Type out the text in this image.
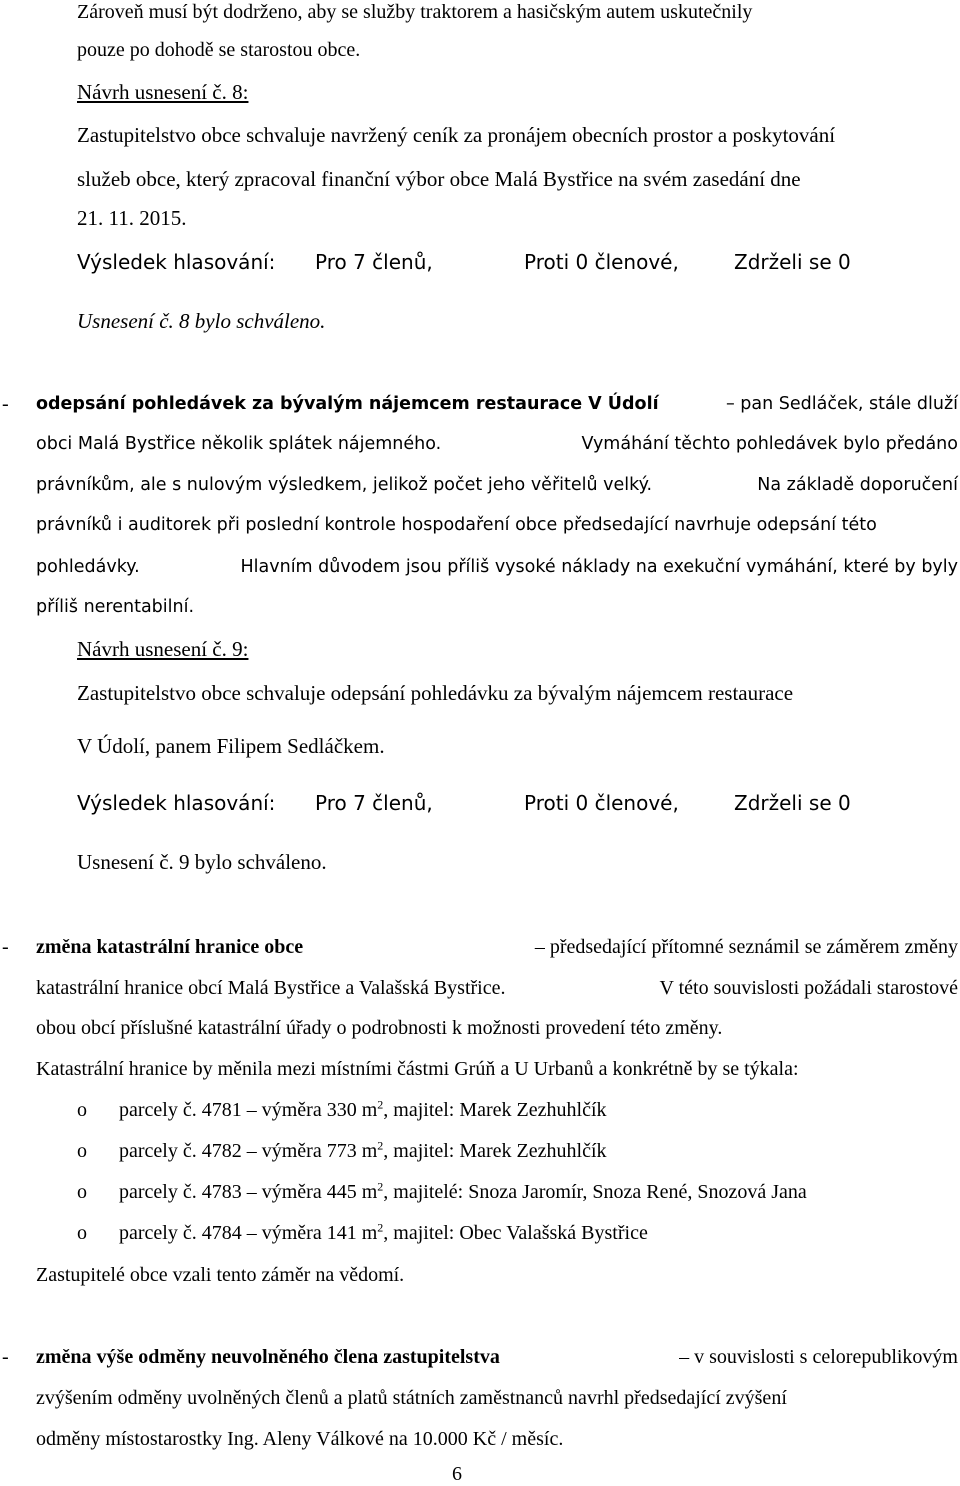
Zároveň musí být dodrženo, aby se služby traktorem a hasičským autem uskutečnily
pouze po dohodě se starostou obce.
Návrh usnesení č. 8:
Zastupitelstvo obce schvaluje navržený ceník za pronájem obecních prostor a poskytování
služeb obce, který zpracoval finanční výbor obce Malá Bystřice na svém zasedání dne
21. 11. 2015.
Výsledek hlasování:	Pro 7 členů,	Proti 0 členové,	Zdrželi se 0
Usnesení č. 8 bylo schváleno.
- odepsání pohledávek za bývalým nájemcem restaurace V Údolí	– pan Sedláček, stále dluží
obci Malá Bystřice několik splátek nájemného.	Vymáhání těchto pohledávek bylo předáno
právníkům, ale s nulovým výsledkem, jelikož počet jeho věřitelů velký.	Na základě doporučení
právníků i auditorek při poslední kontrole hospodaření obce předsedající navrhuje odepsání této
pohledávky.	Hlavním důvodem jsou příliš vysoké náklady na exekuční vymáhání, které by byly
příliš nerentabilní.
Návrh usnesení č. 9:
Zastupitelstvo obce schvaluje odepsání pohledávku za bývalým nájemcem restaurace
V Údolí, panem Filipem Sedláčkem.
Výsledek hlasování:	Pro 7 členů,	Proti 0 členové,	Zdrželi se 0
Usnesení č. 9 bylo schváleno.
- změna katastrální hranice obce	– předsedající přítomné seznámil se záměrem změny
katastrální hranice obcí Malá Bystřice a Valašská Bystřice.	V této souvislosti požádali starostové
obou obcí příslušné katastrální úřady o podrobnosti k možnosti provedení této změny.
Katastrální hranice by měnila mezi místními částmi Grúň a U Urbanů a konkrétně by se týkala:
o parcely č. 4781 – výměra 330 $m^2$, majitel: Marek Zezhuhlčík
o parcely č. 4782 – výměra 773 $m^2$, majitel: Marek Zezhuhlčík
o parcely č. 4783 – výměra 445 $m^2$, majitelé: Snoza Jaromír, Snoza René, Snozová Jana
o parcely č. 4784 – výměra 141 $m^2$, majitel: Obec Valašská Bystřice
Zastupitelé obce vzali tento záměr na vědomí.
- změna výše odměny neuvolněného člena zastupitelstva	– v souvislosti s celorepublikovým
zvýšením odměny uvolněných členů a platů státních zaměstnanců navrhl předsedající zvýšení
odměny místostarostky Ing. Aleny Válkové na 10.000 Kč / měsíc.
6
